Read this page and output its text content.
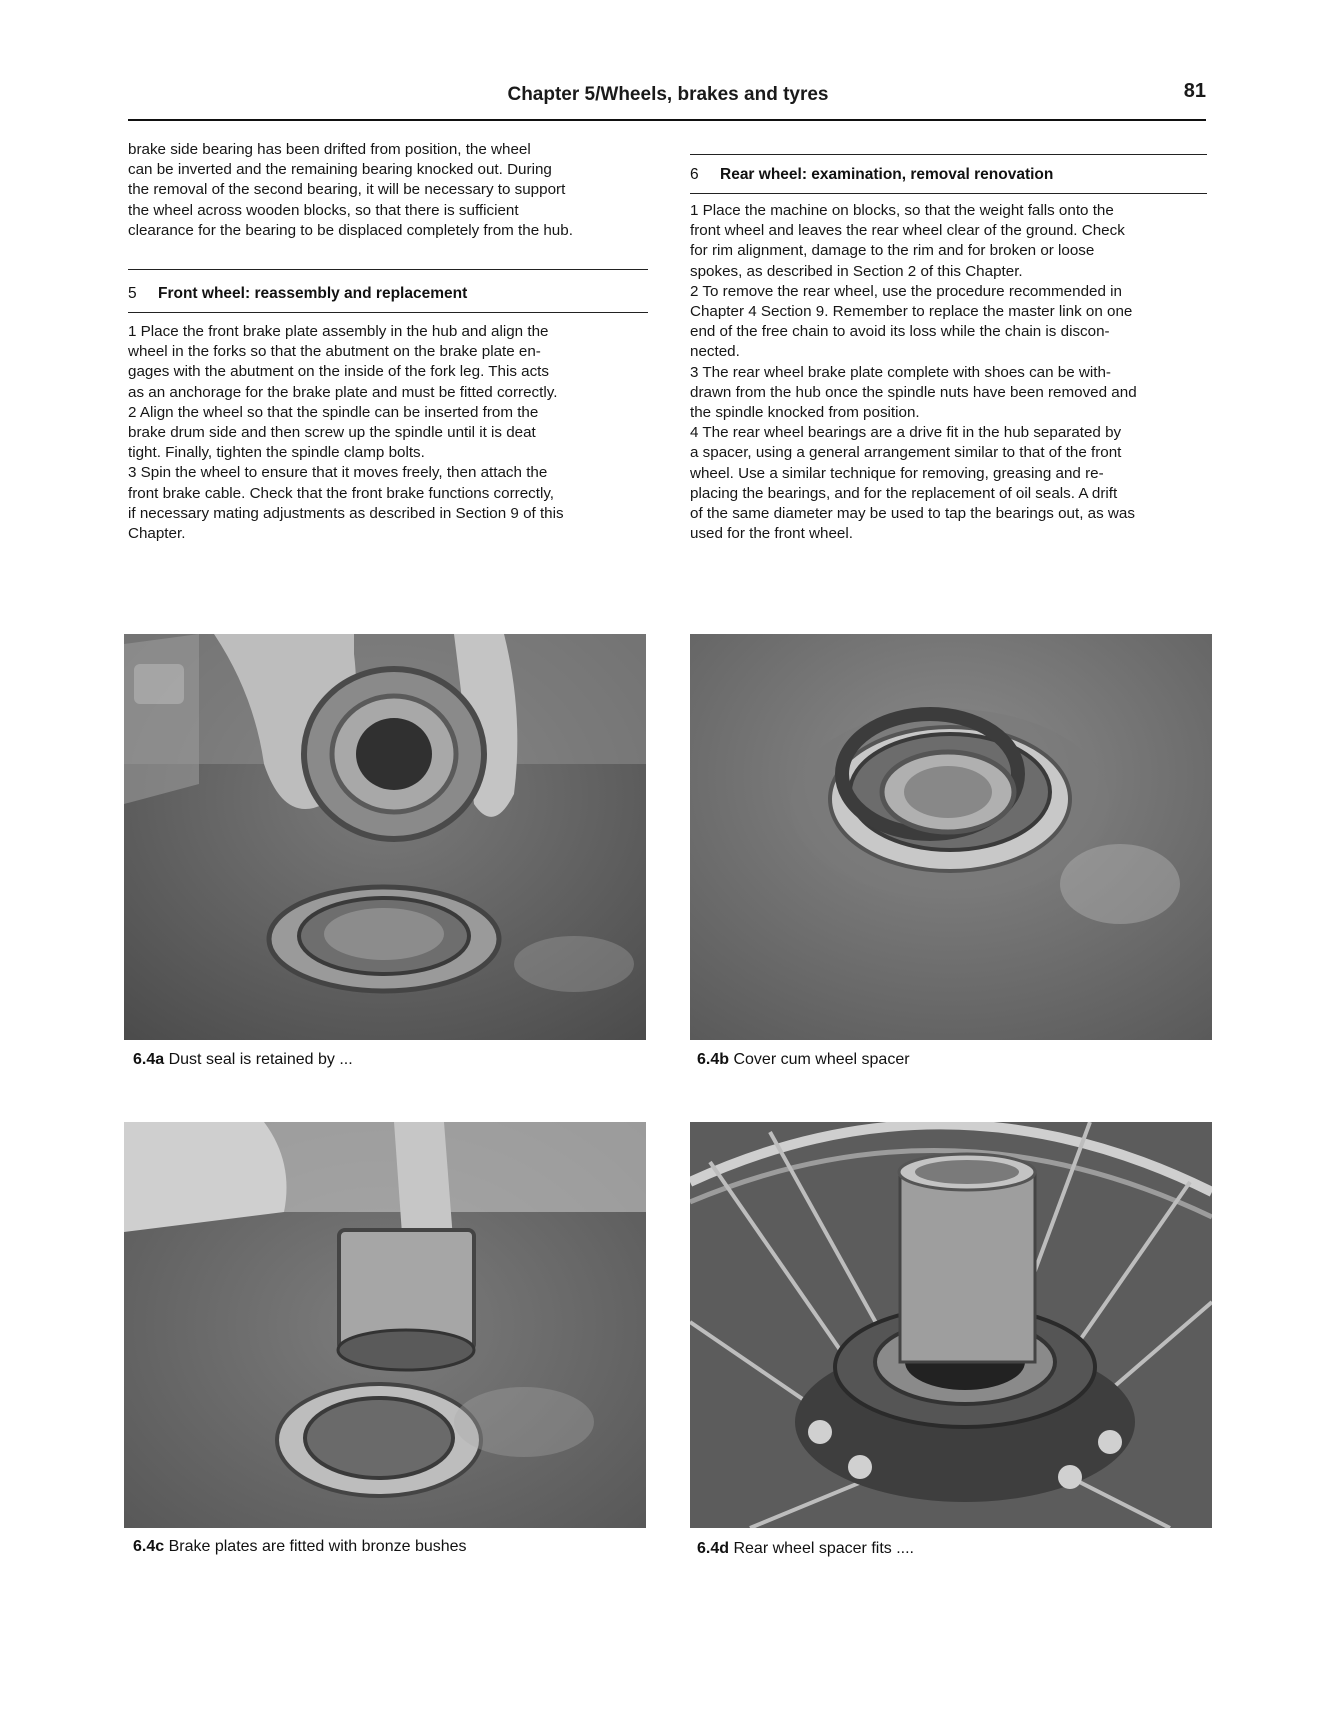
Chapter 5/Wheels, brakes and tyres	81

brake side bearing has been drifted from position, the wheel

can be inverted and the remaining bearing knocked out. During

the removal of the second bearing, it will be necessary to support

the wheel across wooden blocks, so that there is sufficient

clearance for the bearing to be displaced completely from the hub.

5 Front wheel: reassembly and replacement

1 Place the front brake plate assembly in the hub and align the

wheel in the forks so that the abutment on the brake plate en-

gages with the abutment on the inside of the fork leg. This acts

as an anchorage for the brake plate and must be fitted correctly.

2 Align the wheel so that the spindle can be inserted from the

brake drum side and then screw up the spindle until it is deat

tight. Finally, tighten the spindle clamp bolts.

3 Spin the wheel to ensure that it moves freely, then attach the

front brake cable. Check that the front brake functions correctly,

if necessary mating adjustments as described in Section 9 of this

Chapter.

6 Rear wheel: examination, removal renovation

1 Place the machine on blocks, so that the weight falls onto the

front wheel and leaves the rear wheel clear of the ground. Check

for rim alignment, damage to the rim and for broken or loose

spokes, as described in Section 2 of this Chapter.

2 To remove the rear wheel, use the procedure recommended in

Chapter 4 Section 9. Remember to replace the master link on one

end of the free chain to avoid its loss while the chain is discon-

nected.

3 The rear wheel brake plate complete with shoes can be with-

drawn from the hub once the spindle nuts have been removed and

the spindle knocked from position.

4 The rear wheel bearings are a drive fit in the hub separated by

a spacer, using a general arrangement similar to that of the front

wheel. Use a similar technique for removing, greasing and re-

placing the bearings, and for the replacement of oil seals. A drift

of the same diameter may be used to tap the bearings out, as was

used for the front wheel.

6.4a Dust seal is retained by ...	6.4b Cover cum wheel spacer
6.4c Brake plates are fitted with bronze bushes	6.4d Rear wheel spacer fits ....
